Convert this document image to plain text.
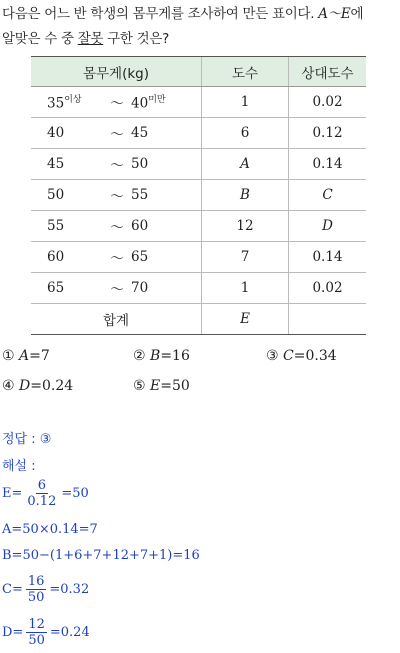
다음은 어느 반 학생의 몸무게를 조사하여 만든 표이다. A～E에
알맞은 수 중 잘못 구한 것은?
몸무게(kg)	도수	상대도수

$35^{이상}$ ～ $40^{미만}$	1	0.02

40 ～ 45	6	0.12

45 ～ 50	A	0.14

50 ～ 55	B	C

55 ～ 60	12	D

60 ～ 65	7	0.14

65 ～ 70	1	0.02
합계	E	
① A=7	② B=16	③ C=0.34
④ D=0.24	⑤ E=50
정답 : ③
해설 :
$E= \frac{6}{0.12} =50$
A=50×0.14=7
B=50−(1+6+7+12+7+1)=16
$C= \frac{16}{50} =0.32$
$D= \frac{12}{50} =0.24$
